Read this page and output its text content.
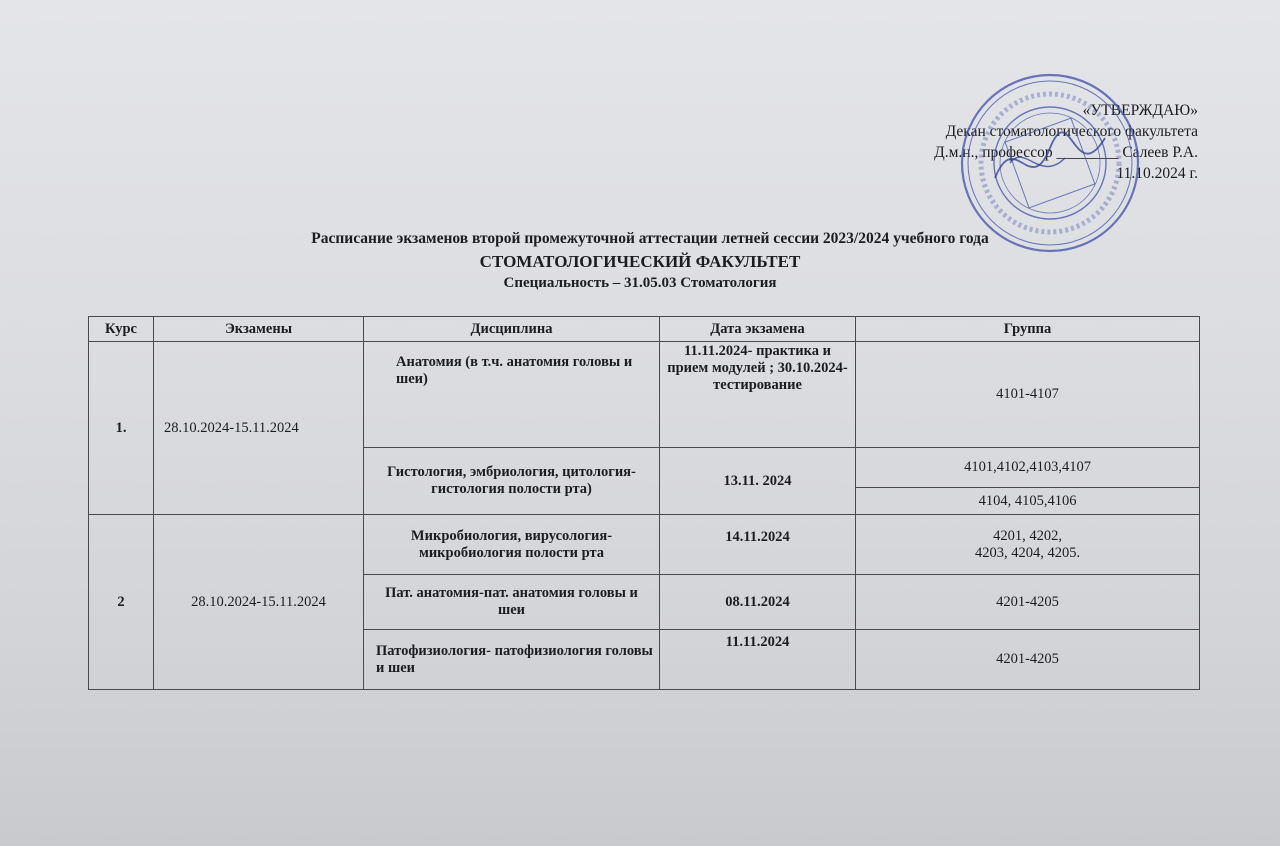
«УТВЕРЖДАЮ»
Декан стоматологического факультета
Д.м.н., профессор ________ Салеев Р.А.
11.10.2024 г.
Расписание экзаменов второй промежуточной аттестации летней сессии 2023/2024 учебного года
СТОМАТОЛОГИЧЕСКИЙ ФАКУЛЬТЕТ
Специальность – 31.05.03 Стоматология
Курс	Экзамены	Дисциплина	Дата экзамена	Группа
1.	28.10.2024-15.11.2024	Анатомия (в т.ч. анатомия головы и шеи)	11.11.2024- практика и прием модулей ; 30.10.2024- тестирование	4101-4107
		Гистология, эмбриология, цитология- гистология полости рта)	13.11. 2024	4101,4102,4103,4107
				4104, 4105,4106
2	28.10.2024-15.11.2024	Микробиология, вирусология- микробиология полости рта	14.11.2024	4201, 4202,
4203, 4204, 4205.

		Пат. анатомия-пат. анатомия головы и шеи	08.11.2024	4201-4205
		Патофизиология- патофизиология головы и шеи	11.11.2024	4201-4205
